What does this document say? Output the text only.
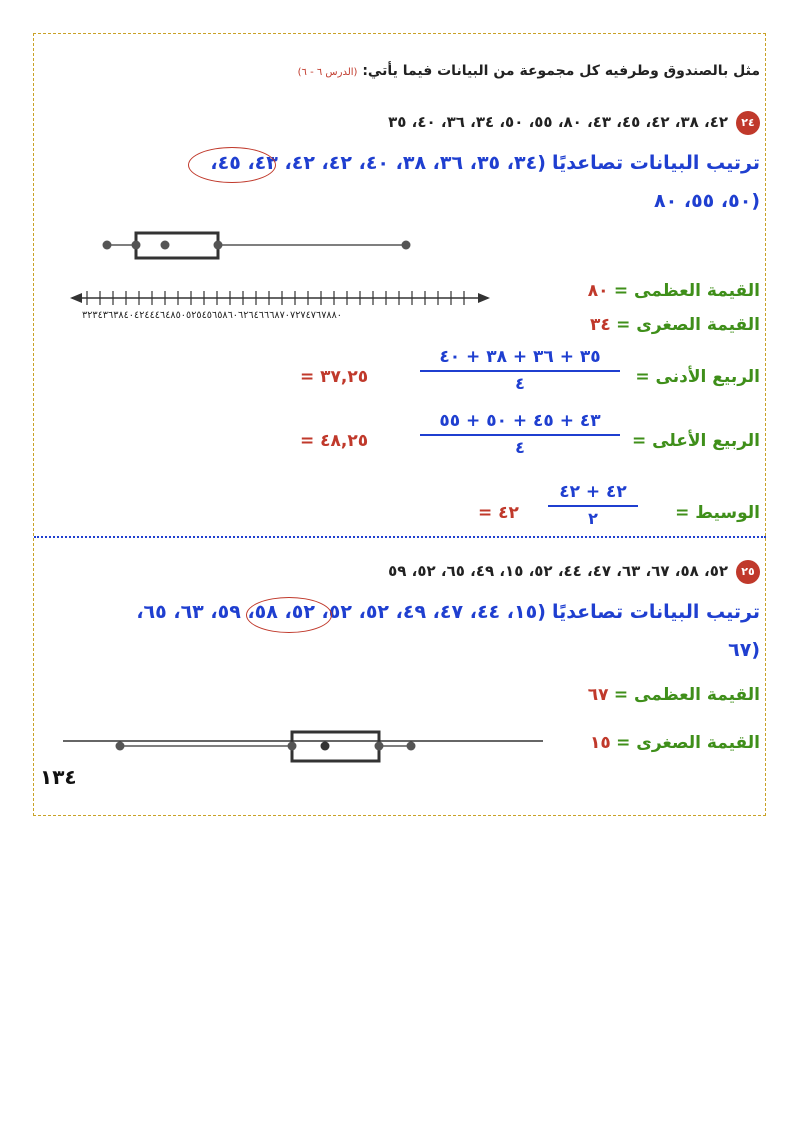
مثل بالصندوق وطرفيه كل مجموعة من البيانات فيما يأتي: (الدرس ٦ - ٦)
٢٤
٤٢، ٣٨، ٤٢، ٤٥، ٤٣، ٨٠، ٥٥، ٥٠، ٣٤، ٣٦، ٤٠، ٣٥
ترتيب البيانات تصاعديًا (٣٤، ٣٥، ٣٦، ٣٨، ٤٠، ٤٢، ٤٢، ٤٣، ٤٥،
٥٠، ٥٥، ٨٠)
٣٢٣٤٣٦٣٨٤٠٤٢٤٤٤٦٤٨٥٠٥٢٥٤٥٦٥٨٦٠٦٢٦٤٦٦٦٨٧٠٧٢٧٤٧٦٧٨٨٠
القيمة العظمى = ٨٠
القيمة الصغرى = ٣٤
الربيع الأدنى =
٣٥ + ٣٦ + ٣٨ + ٤٠
٤
= ٣٧,٢٥
الربيع الأعلى =
٤٣ + ٤٥ + ٥٠ + ٥٥
٤
= ٤٨,٢٥
الوسيط =
٤٢ + ٤٢
٢
= ٤٢
٢٥
٥٢، ٥٨، ٦٧، ٦٣، ٤٧، ٤٤، ٥٢، ١٥، ٤٩، ٦٥، ٥٢، ٥٩
ترتيب البيانات تصاعديًا (١٥، ٤٤، ٤٧، ٤٩، ٥٢، ٥٢، ٥٢، ٥٨، ٥٩، ٦٣، ٦٥،
٦٧)
القيمة العظمى = ٦٧
القيمة الصغرى = ١٥
١٣٤
